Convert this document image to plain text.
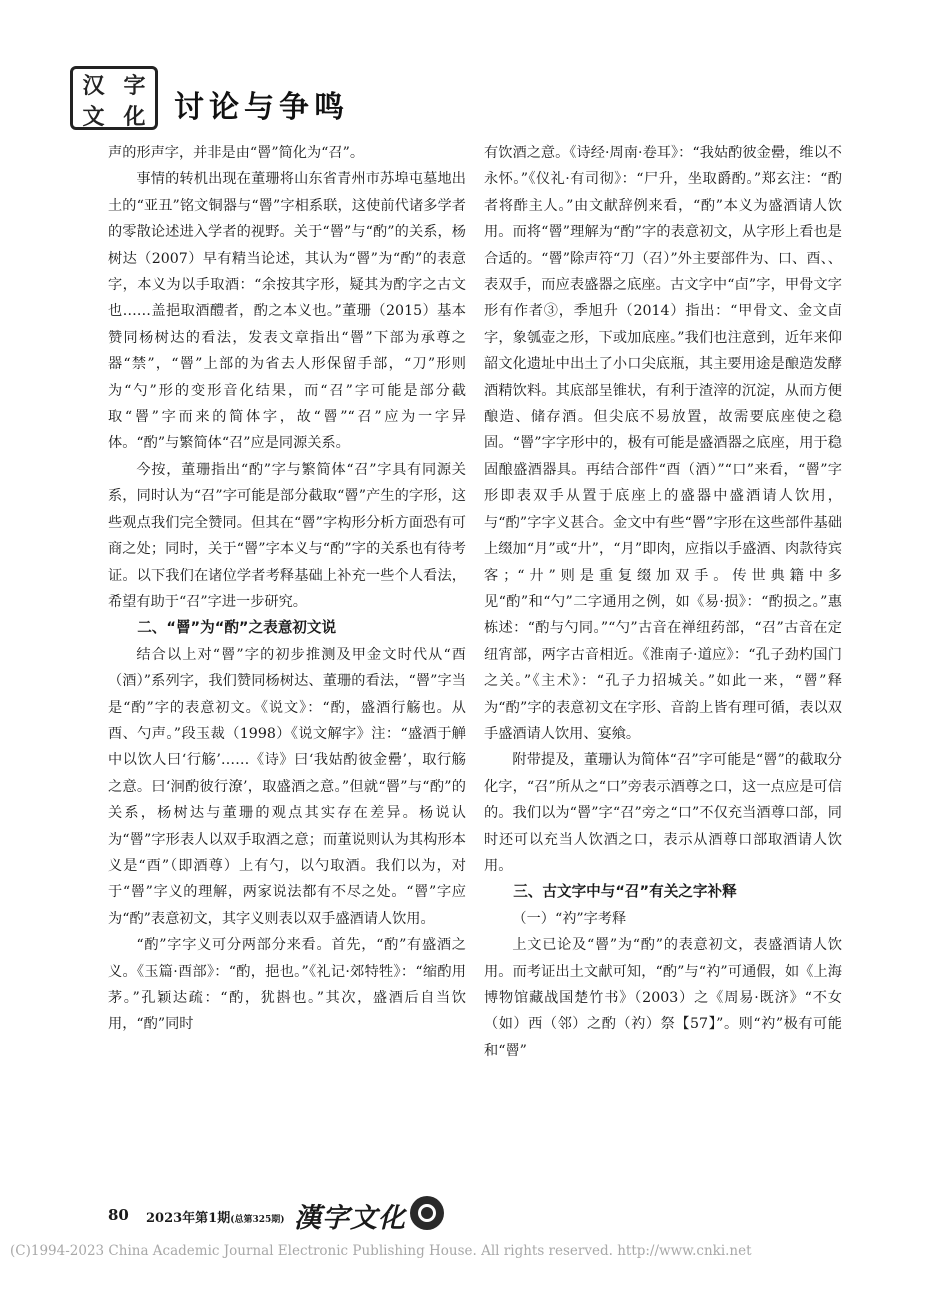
汉 字
文 化 讨论与争鸣

声的形声字，并非是由“罾”简化为“召”。

事情的转机出现在董珊将山东省青州市苏埠屯墓地出土的“亚丑”铭文铜器与“罾”字相系联，这使前代诸多学者的零散论述进入学者的视野。关于“罾”与“酌”的关系，杨树达（2007）早有精当论述，其认为“罾”为“酌”的表意字，本义为以手取酒：“余按其字形，疑其为酌字之古文也……盖挹取酒醴者，酌之本义也。”董珊（2015）基本赞同杨树达的看法，发表文章指出“罾”下部为承尊之器“禁”，“罾”上部的为省去人形保留手部，“刀”形则为“勺”形的变形音化结果，而“召”字可能是部分截取“罾”字而来的简体字，故“罾”“召”应为一字异体。“酌”与繁简体“召”应是同源关系。

今按，董珊指出“酌”字与繁简体“召”字具有同源关系，同时认为“召”字可能是部分截取“罾”产生的字形，这些观点我们完全赞同。但其在“罾”字构形分析方面恐有可商之处；同时，关于“罾”字本义与“酌”字的关系也有待考证。以下我们在诸位学者考释基础上补充一些个人看法，希望有助于“召”字进一步研究。

二、“罾”为“酌”之表意初文说

结合以上对“罾”字的初步推测及甲金文时代从“酉（酒）”系列字，我们赞同杨树达、董珊的看法，“罾”字当是“酌”字的表意初文。《说文》：“酌，盛酒行觞也。从酉、勺声。”段玉裁（1998）《说文解字》注：“盛酒于觯中以饮人曰‘行觞’……《诗》曰‘我姑酌彼金罍’，取行觞之意。曰‘泂酌彼行潦’，取盛酒之意。”但就“罾”与“酌”的关系，杨树达与董珊的观点其实存在差异。杨说认为“罾”字形表人以双手取酒之意；而董说则认为其构形本义是“酉”（即酒尊）上有勺，以勺取酒。我们以为，对于“罾”字义的理解，两家说法都有不尽之处。“罾”字应为“酌”表意初文，其字义则表以双手盛酒请人饮用。

“酌”字字义可分两部分来看。首先，“酌”有盛酒之义。《玉篇·酉部》：“酌，挹也。”《礼记·郊特牲》：“缩酌用茅。”孔颖达疏：“酌，犹斟也。”其次，盛酒后自当饮用，“酌”同时

有饮酒之意。《诗经·周南·卷耳》：“我姑酌彼金罍，维以不永怀。”《仪礼·有司彻》：“尸升，坐取爵酌。”郑玄注：“酌者将酢主人。”由文献辞例来看，“酌”本义为盛酒请人饮用。而将“罾”理解为“酌”字的表意初文，从字形上看也是合适的。“罾”除声符“刀（召）”外主要部件为、口、酉、、表双手，而应表盛器之底座。古文字中“卣”字，甲骨文字形有作者③，季旭升（2014）指出：“甲骨文、金文卣字，象瓠壶之形，下或加底座。”我们也注意到，近年来仰韶文化遗址中出土了小口尖底瓶，其主要用途是酿造发酵酒精饮料。其底部呈锥状，有利于渣滓的沉淀，从而方便酿造、储存酒。但尖底不易放置，故需要底座使之稳固。“罾”字字形中的，极有可能是盛酒器之底座，用于稳固酿盛酒器具。再结合部件“酉（酒）”“口”来看，“罾”字形即表双手从置于底座上的盛器中盛酒请人饮用，与“酌”字字义甚合。金文中有些“罾”字形在这些部件基础上缀加“月”或“廾”，“月”即肉，应指以手盛酒、肉款待宾客；“廾”则是重复缀加双手。传世典籍中多见“酌”和“勺”二字通用之例，如《易·损》：“酌损之。”惠栋述：“酌与勺同。”“勺”古音在禅纽药部，“召”古音在定纽宵部，两字古音相近。《淮南子·道应》：“孔子劲杓国门之关。”《主术》：“孔子力招城关。”如此一来，“罾”释为“酌”字的表意初文在字形、音韵上皆有理可循，表以双手盛酒请人饮用、宴飨。

附带提及，董珊认为简体“召”字可能是“罾”的截取分化字，“召”所从之“口”旁表示酒尊之口，这一点应是可信的。我们以为“罾”字“召”旁之“口”不仅充当酒尊口部，同时还可以充当人饮酒之口，表示从酒尊口部取酒请人饮用。

三、古文字中与“召”有关之字补释
（一）“礿”字考释

上文已论及“罾”为“酌”的表意初文，表盛酒请人饮用。而考证出土文献可知，“酌”与“礿”可通假，如《上海博物馆藏战国楚竹书》（2003）之《周易·既济》“不女（如）西（邻）之酌（礿）祭【57】”。则“礿”极有可能和“罾”

80 2023年第1期(总第325期) 漢字文化
(C)1994-2023 China Academic Journal Electronic Publishing House. All rights reserved. http://www.cnki.net
